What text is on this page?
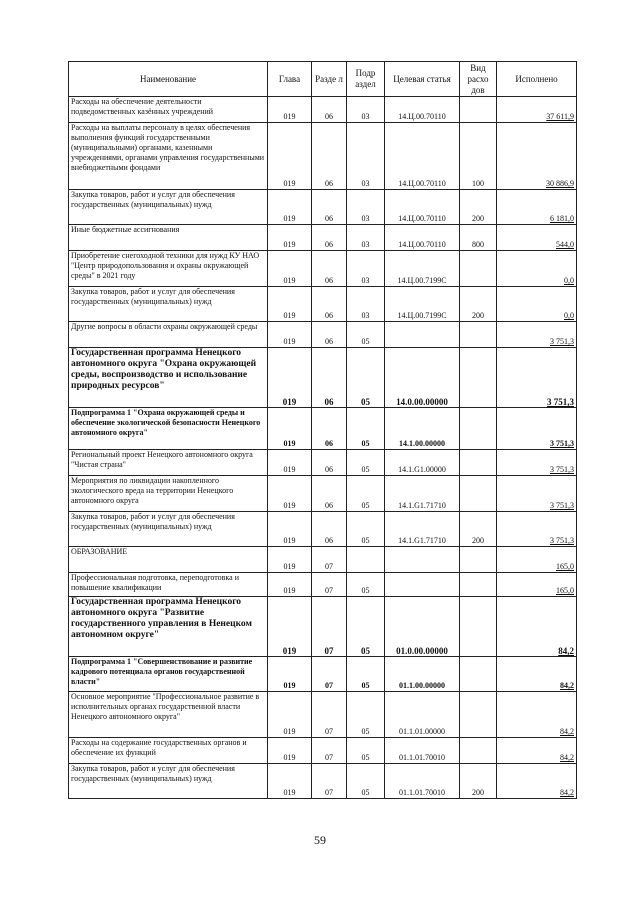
Наименование	Глава	Разде л	Подр аздел	Целевая статья	Вид расхо дов	Исполнено
Расходы на обеспечение деятельности подведомственных казённых учреждений	019	06	03	14.Ц.00.70110		37 611,9
Расходы на выплаты персоналу в целях обеспечения выполнения функций государственными (муниципальными) органами, казенными учреждениями, органами управления государственными внебюджетными фондами	019	06	03	14.Ц.00.70110	100	30 886,9
Закупка товаров, работ и услуг для обеспечения государственных (муниципальных) нужд	019	06	03	14.Ц.00.70110	200	6 181,0
Иные бюджетные ассигнования	019	06	03	14.Ц.00.70110	800	544,0
Приобретение снегоходной техники для нужд КУ НАО "Центр природопользования и охраны окружающей среды" в 2021 году	019	06	03	14.Ц.00.7199С		0,0
Закупка товаров, работ и услуг для обеспечения государственных (муниципальных) нужд	019	06	03	14.Ц.00.7199С	200	0,0
Другие вопросы в области охраны окружающей среды	019	06	05			3 751,3
Государственная программа Ненецкого автономного округа "Охрана окружающей среды, воспроизводство и использование природных ресурсов"	019	06	05	14.0.00.00000		3 751,3
Подпрограмма 1 "Охрана окружающей среды и обеспечение экологической безопасности Ненецкого автономного округа"	019	06	05	14.1.00.00000		3 751,3
Региональный проект Ненецкого автономного округа "Чистая страна"	019	06	05	14.1.G1.00000		3 751,3
Мероприятия по ликвидации накопленного экологического вреда на территории Ненецкого автономного округа	019	06	05	14.1.G1.71710		3 751,3
Закупка товаров, работ и услуг для обеспечения государственных (муниципальных) нужд	019	06	05	14.1.G1.71710	200	3 751,3
ОБРАЗОВАНИЕ	019	07				165,0
Профессиональная подготовка, переподготовка и повышение квалификации	019	07	05			165,0
Государственная программа Ненецкого автономного округа "Развитие государственного управления в Ненецком автономном округе"	019	07	05	01.0.00.00000		84,2
Подпрограмма 1 "Совершенствование и развитие кадрового потенциала органов государственной власти"	019	07	05	01.1.00.00000		84,2
Основное мероприятие "Профессиональное развитие в исполнительных органах государственной власти Ненецкого автономного округа"	019	07	05	01.1.01.00000		84,2
Расходы на содержание государственных органов и обеспечение их функций	019	07	05	01.1.01.70010		84,2
Закупка товаров, работ и услуг для обеспечения государственных (муниципальных) нужд	019	07	05	01.1.01.70010	200	84,2
59
